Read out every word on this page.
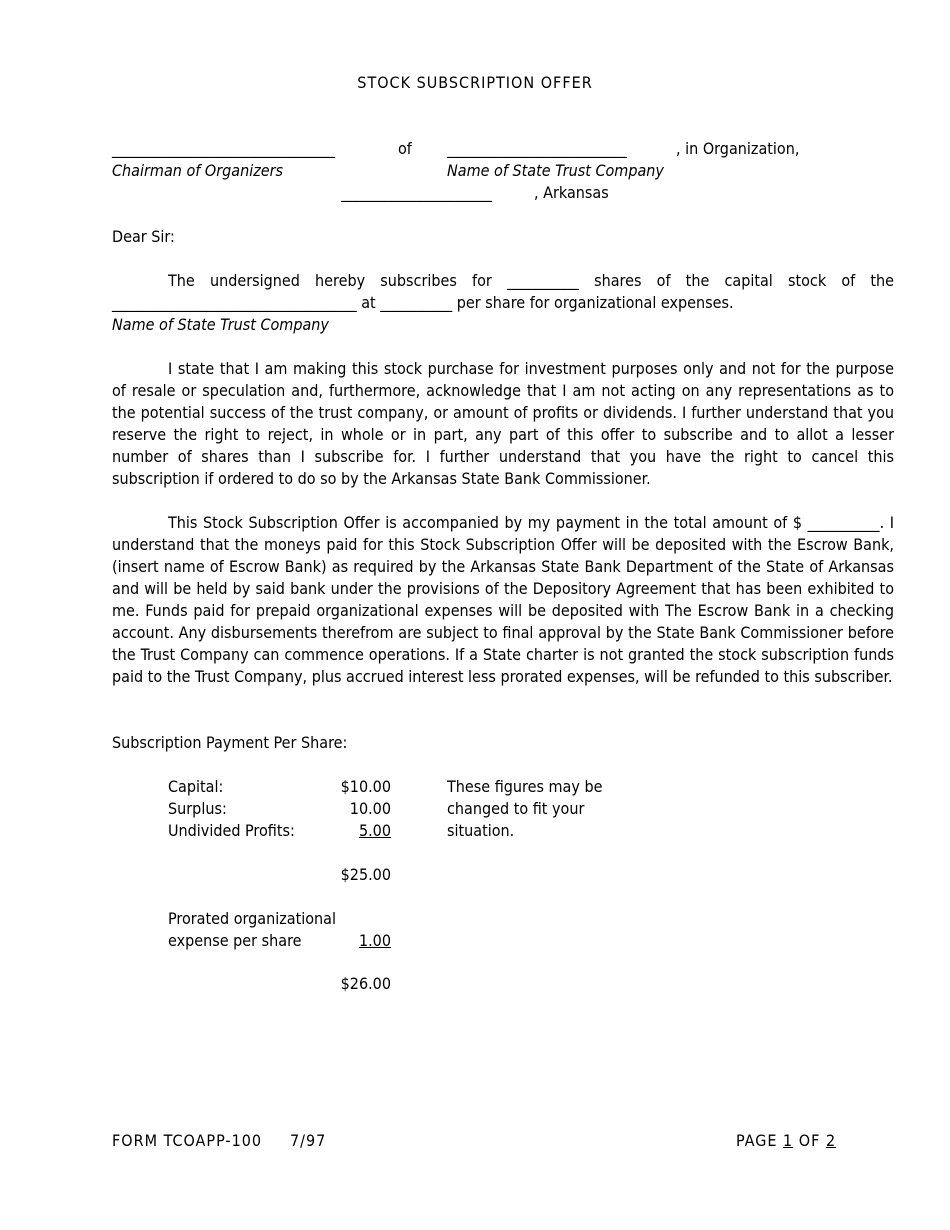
STOCK SUBSCRIPTION OFFER
_______________________________	of _________________________	, in Organization,
Chairman of Organizers	Name of State Trust Company
_____________________	, Arkansas
Dear Sir:
The undersigned hereby subscribes for __________ shares of the capital stock of the
__________________________________ at __________ per share for organizational expenses.
Name of State Trust Company

I state that I am making this stock purchase for investment purposes only and not for the purpose of resale or speculation and, furthermore, acknowledge that I am not acting on any representations as to the potential success of the trust company, or amount of profits or dividends. I further understand that you reserve the right to reject, in whole or in part, any part of this offer to subscribe and to allot a lesser number of shares than I subscribe for. I further understand that you have the right to cancel this subscription if ordered to do so by the Arkansas State Bank Commissioner.

This Stock Subscription Offer is accompanied by my payment in the total amount of $ __________. I understand that the moneys paid for this Stock Subscription Offer will be deposited with the Escrow Bank, (insert name of Escrow Bank) as required by the Arkansas State Bank Department of the State of Arkansas and will be held by said bank under the provisions of the Depository Agreement that has been exhibited to me. Funds paid for prepaid organizational expenses will be deposited with The Escrow Bank in a checking account. Any disbursements therefrom are subject to final approval by the State Bank Commissioner before the Trust Company can commence operations. If a State charter is not granted the stock subscription funds paid to the Trust Company, plus accrued interest less prorated expenses, will be refunded to this subscriber.

Subscription Payment Per Share:
Capital:	$10.00	These figures may be
Surplus:	10.00	changed to fit your
Undivided Profits:	5.00	situation.
$25.00
Prorated organizational
expense per share	1.00
$26.00
FORM TCOAPP-100 7/97	PAGE 1 OF 2
